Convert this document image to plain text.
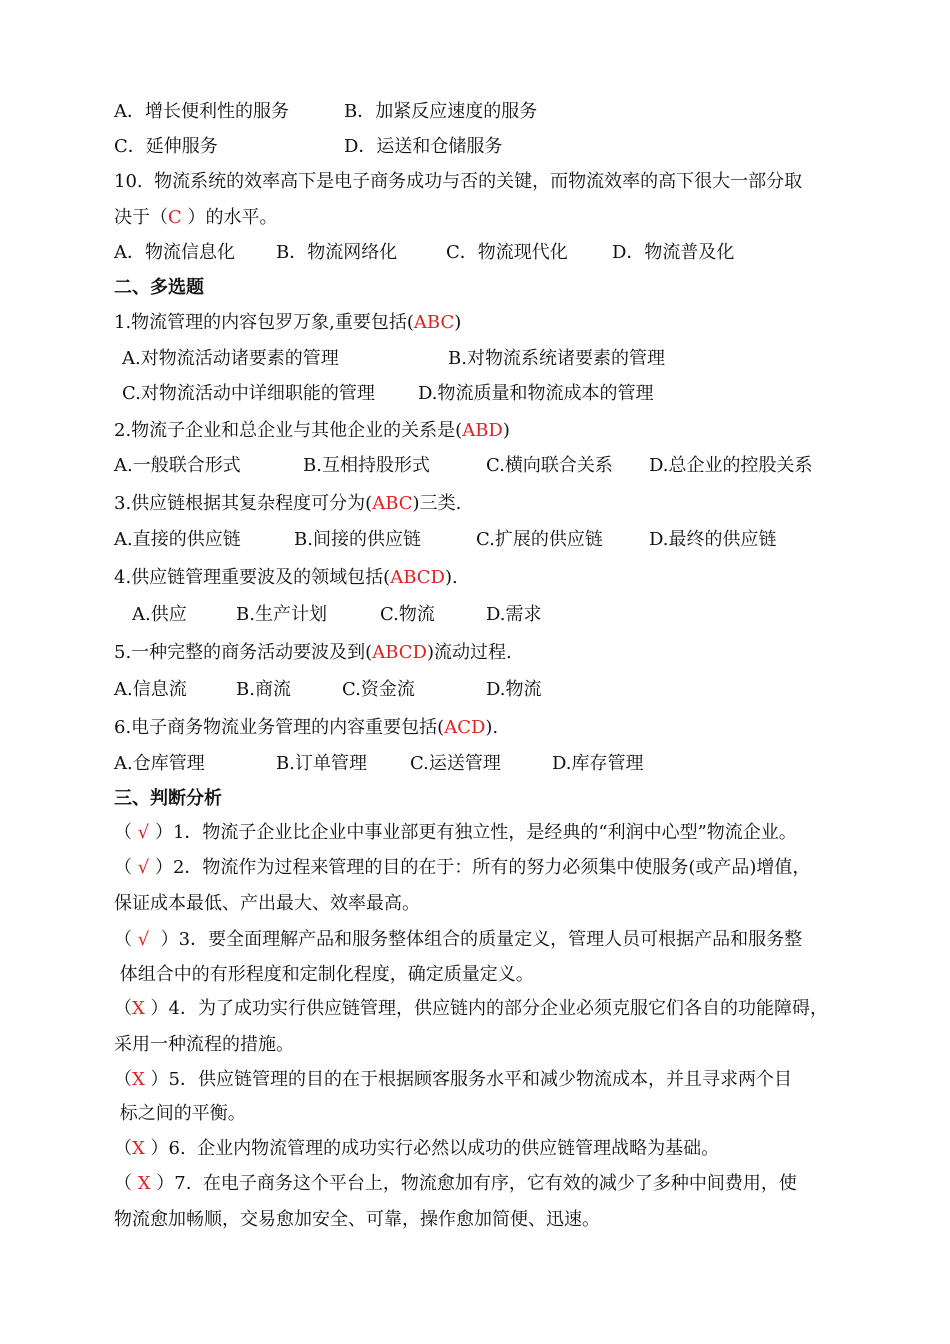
A．增长便利性的服务	B．加紧反应速度的服务
C．延伸服务	D．运送和仓储服务
10.  物流系统的效率高下是电子商务成功与否的关键，而物流效率的高下很大一部分取
决于（C ）的水平。
A．物流信息化 B．物流网络化	C．物流现代化 D．物流普及化
二、多选题
1.物流管理的内容包罗万象,重要包括(ABC)
A.对物流活动诸要素的管理	B.对物流系统诸要素的管理
C.对物流活动中详细职能的管理 D.物流质量和物流成本的管理
2.物流子企业和总企业与其他企业的关系是(ABD)
A.一般联合形式	B.互相持股形式	C.横向联合关系 D.总企业的控股关系
3.供应链根据其复杂程度可分为(ABC)三类.
A.直接的供应链	B.间接的供应链	C.扩展的供应链	D.最终的供应链
4.供应链管理重要波及的领域包括(ABCD).
A.供应	B.生产计划	C.物流	D.需求
5.一种完整的商务活动要波及到(ABCD)流动过程.
A.信息流	B.商流	C.资金流	D.物流
6.电子商务物流业务管理的内容重要包括(ACD).
A.仓库管理	B.订单管理 C.运送管理	D.库存管理
三、判断分析
（ √ ）1．物流子企业比企业中事业部更有独立性，是经典的“利润中心型”物流企业。
（ √ ）2．物流作为过程来管理的目的在于：所有的努力必须集中使服务(或产品)增值，
保证成本最低、产出最大、效率最高。
（ √  ）3．要全面理解产品和服务整体组合的质量定义，管理人员可根据产品和服务整
体组合中的有形程度和定制化程度，确定质量定义。
（X ）4．为了成功实行供应链管理，供应链内的部分企业必须克服它们各自的功能障碍，
采用一种流程的措施。
（X ）5．供应链管理的目的在于根据顾客服务水平和减少物流成本，并且寻求两个目
标之间的平衡。
（X ）6.  企业内物流管理的成功实行必然以成功的供应链管理战略为基础。
（ X ）7.  在电子商务这个平台上，物流愈加有序，它有效的减少了多种中间费用，使
物流愈加畅顺，交易愈加安全、可靠，操作愈加简便、迅速。
